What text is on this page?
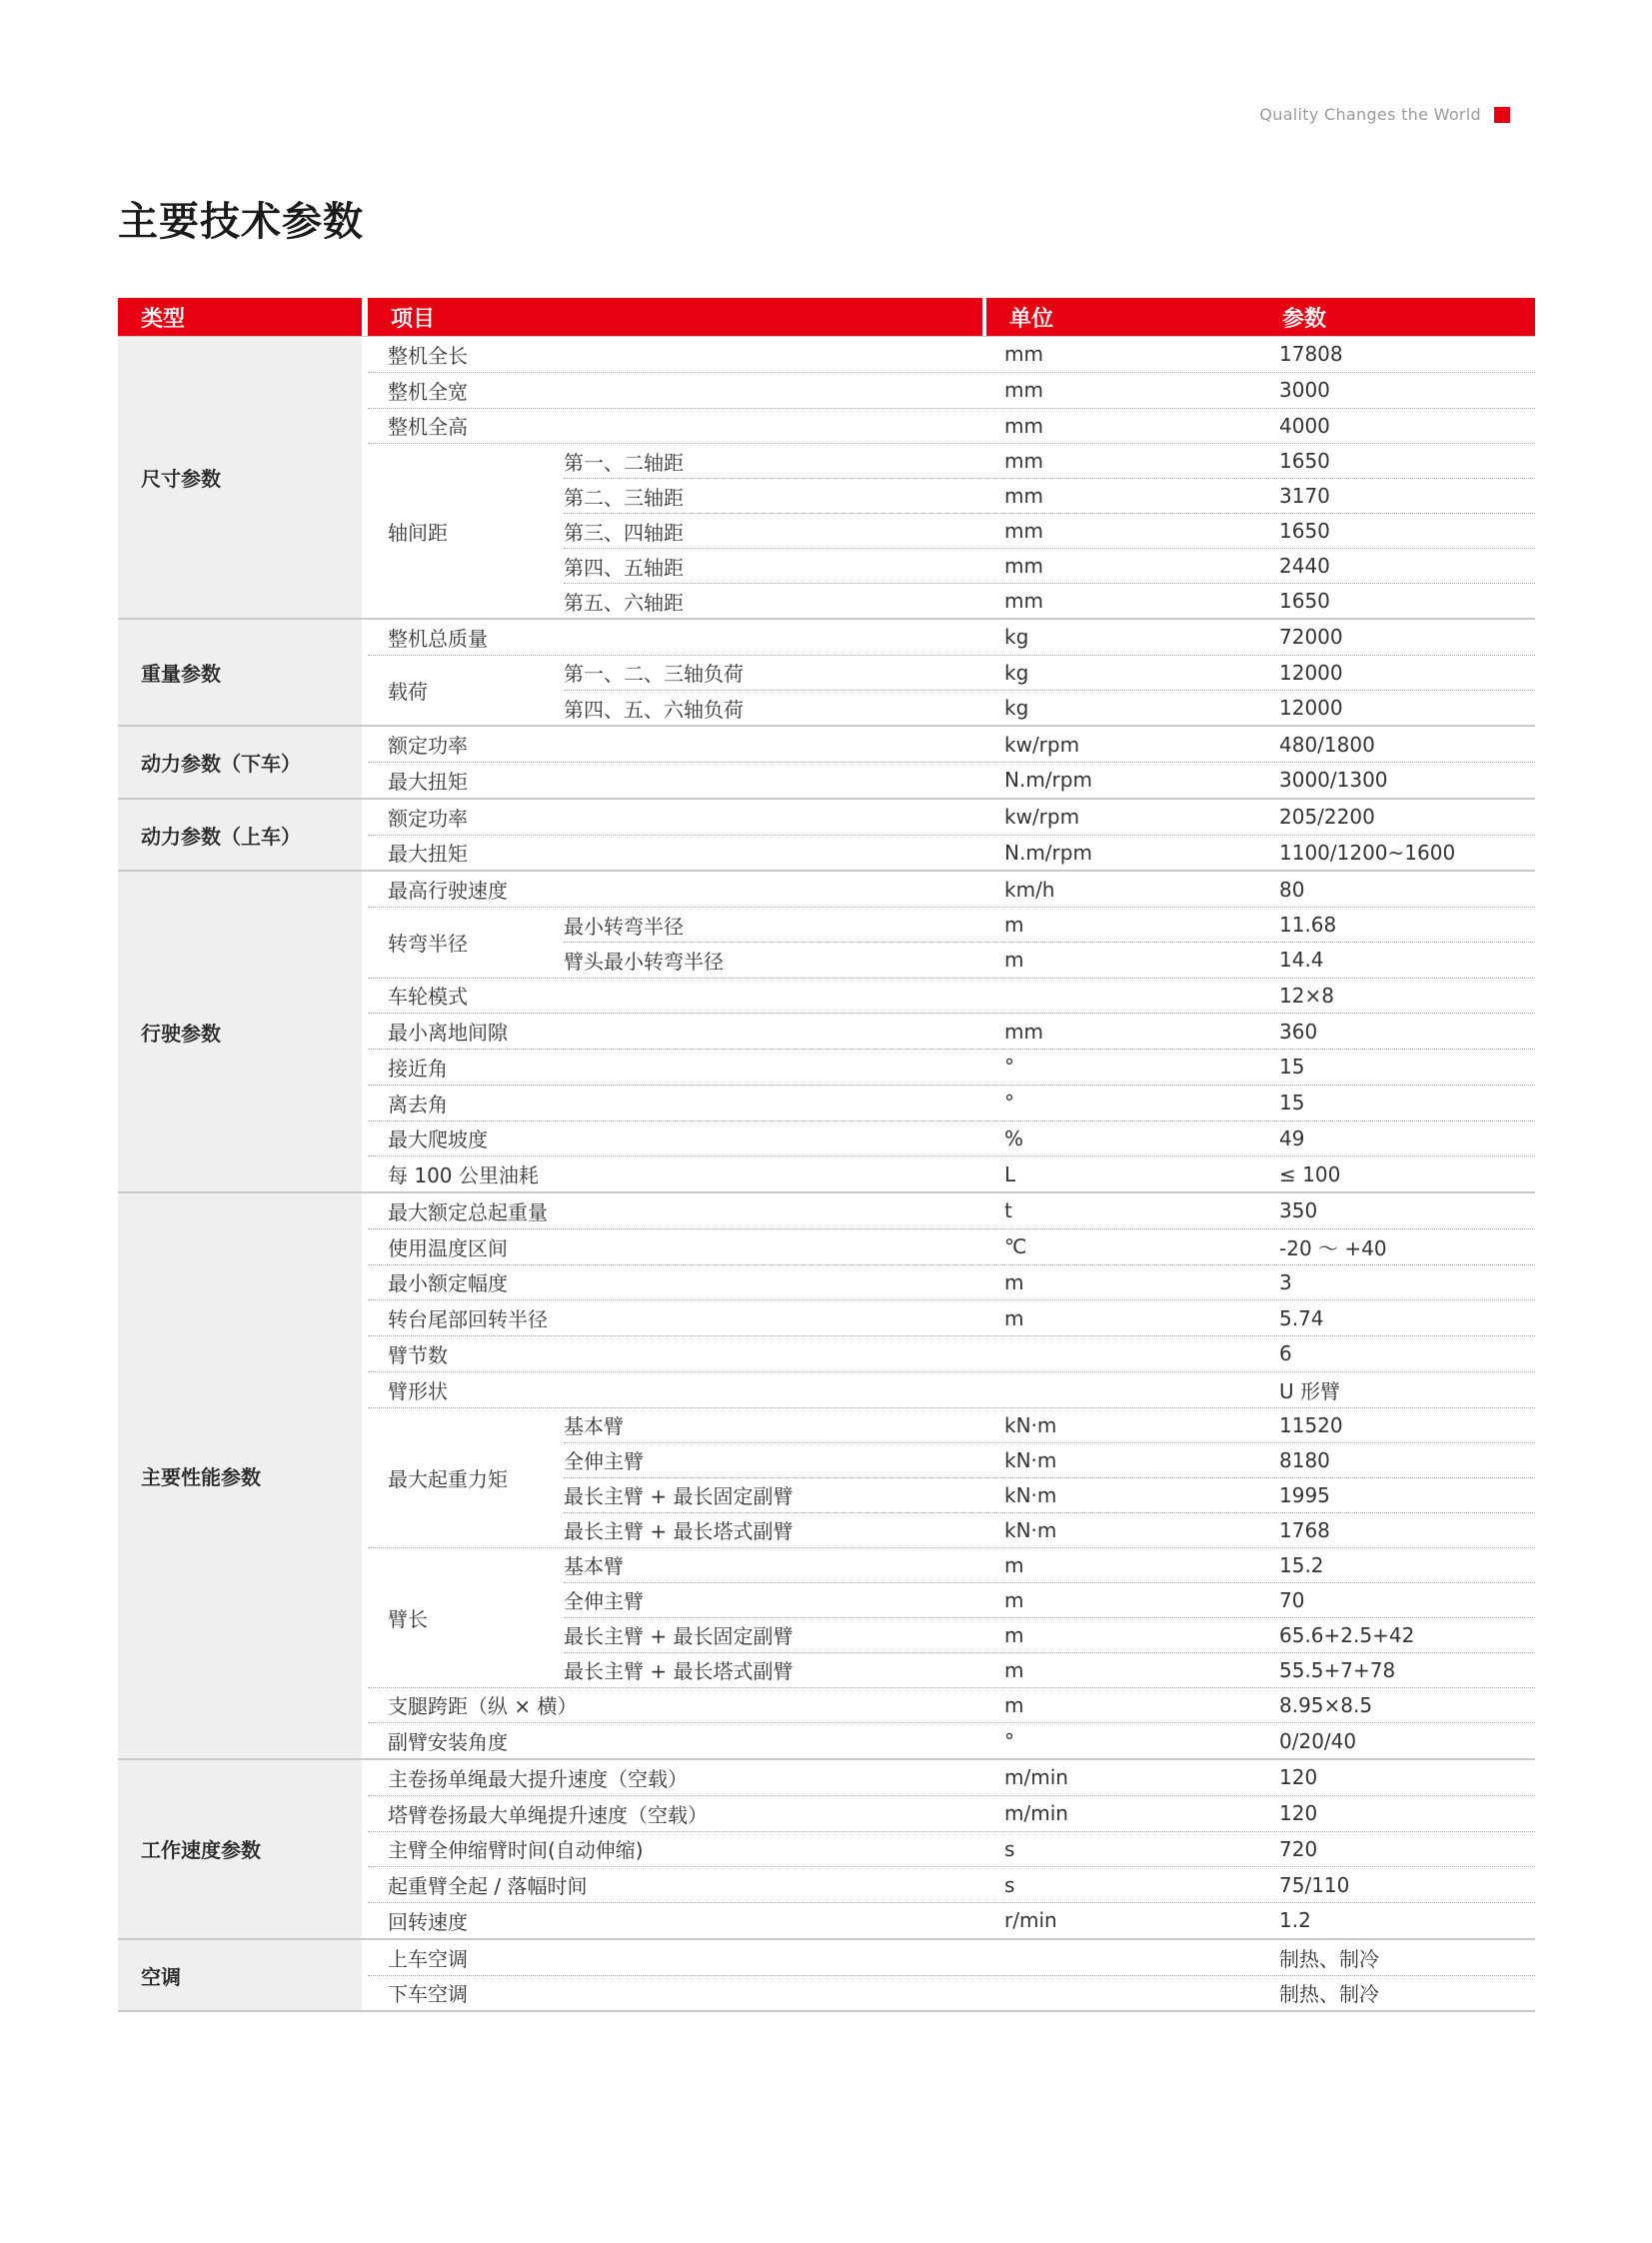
Quality Changes the World
主要技术参数
类型	项目	单位	参数
尺寸参数
整机全长	mm	17808
整机全宽	mm	3000
整机全高	mm	4000
轴间距
第一、二轴距	mm	1650
第二、三轴距	mm	3170
第三、四轴距	mm	1650
第四、五轴距	mm	2440
第五、六轴距	mm	1650
重量参数
整机总质量	kg	72000
载荷
第一、二、三轴负荷	kg	12000
第四、五、六轴负荷	kg	12000
动力参数（下车）
额定功率	kw/rpm	480/1800
最大扭矩	N.m/rpm	3000/1300
动力参数（上车）
额定功率	kw/rpm	205/2200
最大扭矩	N.m/rpm	1100/1200~1600
行驶参数
最高行驶速度	km/h	80
转弯半径
最小转弯半径	m	11.68
臂头最小转弯半径	m	14.4
车轮模式	12×8
最小离地间隙	mm	360
接近角	°	15
离去角	°	15
最大爬坡度	%	49
每 100 公里油耗	L	≤ 100
主要性能参数
最大额定总起重量	t	350
使用温度区间	℃	-20 ～ +40
最小额定幅度	m	3
转台尾部回转半径	m	5.74
臂节数	6
臂形状	U 形臂
最大起重力矩
基本臂	kN·m	11520
全伸主臂	kN·m	8180
最长主臂 + 最长固定副臂	kN·m	1995
最长主臂 + 最长塔式副臂	kN·m	1768
臂长
基本臂	m	15.2
全伸主臂	m	70
最长主臂 + 最长固定副臂	m	65.6+2.5+42
最长主臂 + 最长塔式副臂	m	55.5+7+78
支腿跨距（纵 × 横）	m	8.95×8.5
副臂安装角度	°	0/20/40
工作速度参数
主卷扬单绳最大提升速度（空载）	m/min	120
塔臂卷扬最大单绳提升速度（空载）	m/min	120
主臂全伸缩臂时间(自动伸缩)	s	720
起重臂全起 / 落幅时间	s	75/110
回转速度	r/min	1.2
空调
上车空调	制热、制冷
下车空调	制热、制冷
